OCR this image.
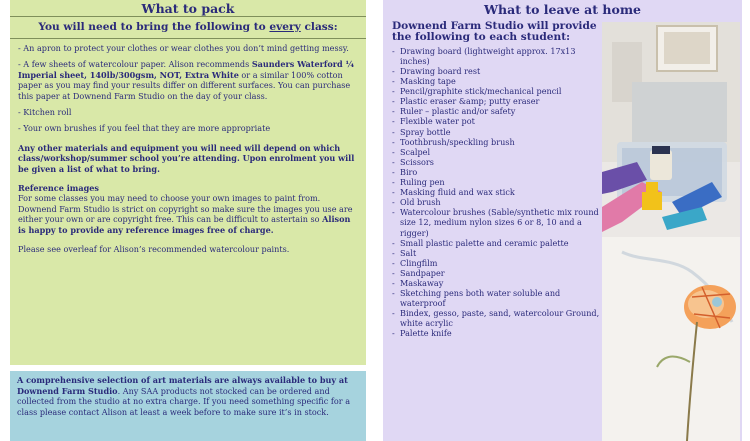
What to pack
You will need to bring the following to every class:

- An apron to protect your clothes or wear clothes you don’t mind getting messy.

- A few sheets of watercolour paper. Alison recommends Saunders Waterford ¼ Imperial sheet, 140lb/300gsm, NOT, Extra White or a similar 100% cotton paper as you may find your results differ on different surfaces. You can purchase this paper at Downend Farm Studio on the day of your class.

- Kitchen roll

- Your own brushes if you feel that they are more appropriate

Any other materials and equipment you will need will depend on which class/workshop/summer school you’re attending. Upon enrolment you will be given a list of what to bring.

Reference images

For some classes you may need to choose your own images to paint from. Downend Farm Studio is strict on copyright so make sure the images you use are either your own or are copyright free. This can be difficult to astertain so Alison is happy to provide any reference images free of charge.

Please see overleaf for Alison’s recommended watercolour paints.

A comprehensive selection of art materials are always available to buy at Downend Farm Studio. Any SAA products not stocked can be ordered and collected from the studio at no extra charge. If you need something specific for a class please contact Alison at least a week before to make sure it’s in stock.

What to leave at home
Downend Farm Studio will provide the following to each student:
- Drawing board (lightweight approx. 17x13 inches)
- Drawing board rest
- Masking tape
- Pencil/graphite stick/mechanical pencil
- Plastic eraser &amp; putty eraser
- Ruler – plastic and/or safety
- Flexible water pot
- Spray bottle
- Toothbrush/speckling brush
- Scalpel
- Scissors
- Biro
- Ruling pen
- Masking fluid and wax stick
- Old brush
- Watercolour brushes (Sable/synthetic mix round size 12, medium nylon sizes 6 or 8, 10 and a rigger)
- Small plastic palette and ceramic palette
- Salt
- Clingfilm
- Sandpaper
- Maskaway
- Sketching pens both water soluble and waterproof
- Bindex, gesso, paste, sand, watercolour Ground, white acrylic
- Palette knife
